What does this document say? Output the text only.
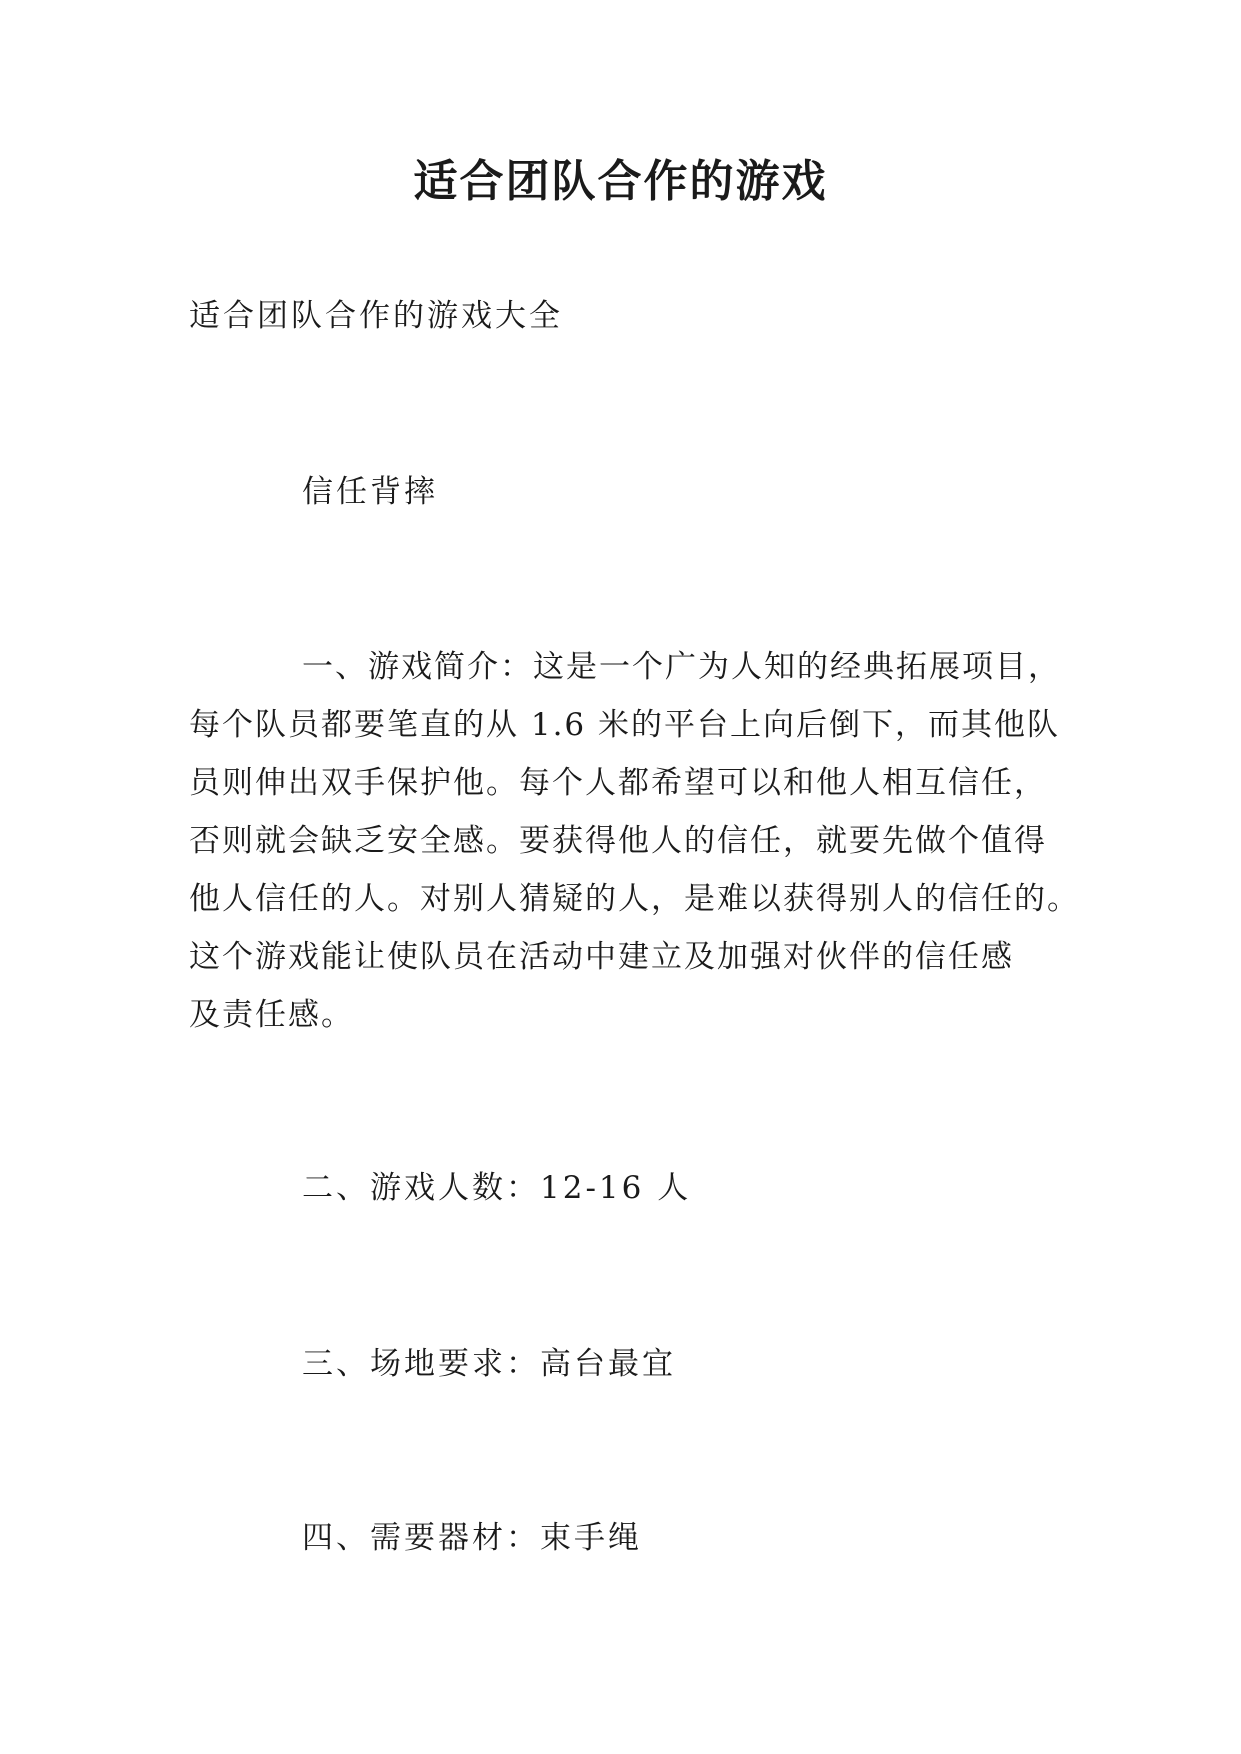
适合团队合作的游戏

适合团队合作的游戏大全

信任背摔

一、游戏简介：这是一个广为人知的经典拓展项目，
每个队员都要笔直的从 1.6 米的平台上向后倒下，而其他队
员则伸出双手保护他。每个人都希望可以和他人相互信任，
否则就会缺乏安全感。要获得他人的信任，就要先做个值得
他人信任的人。对别人猜疑的人，是难以获得别人的信任的。
这个游戏能让使队员在活动中建立及加强对伙伴的信任感
及责任感。

二、游戏人数：12-16 人

三、场地要求：高台最宜

四、需要器材：束手绳
